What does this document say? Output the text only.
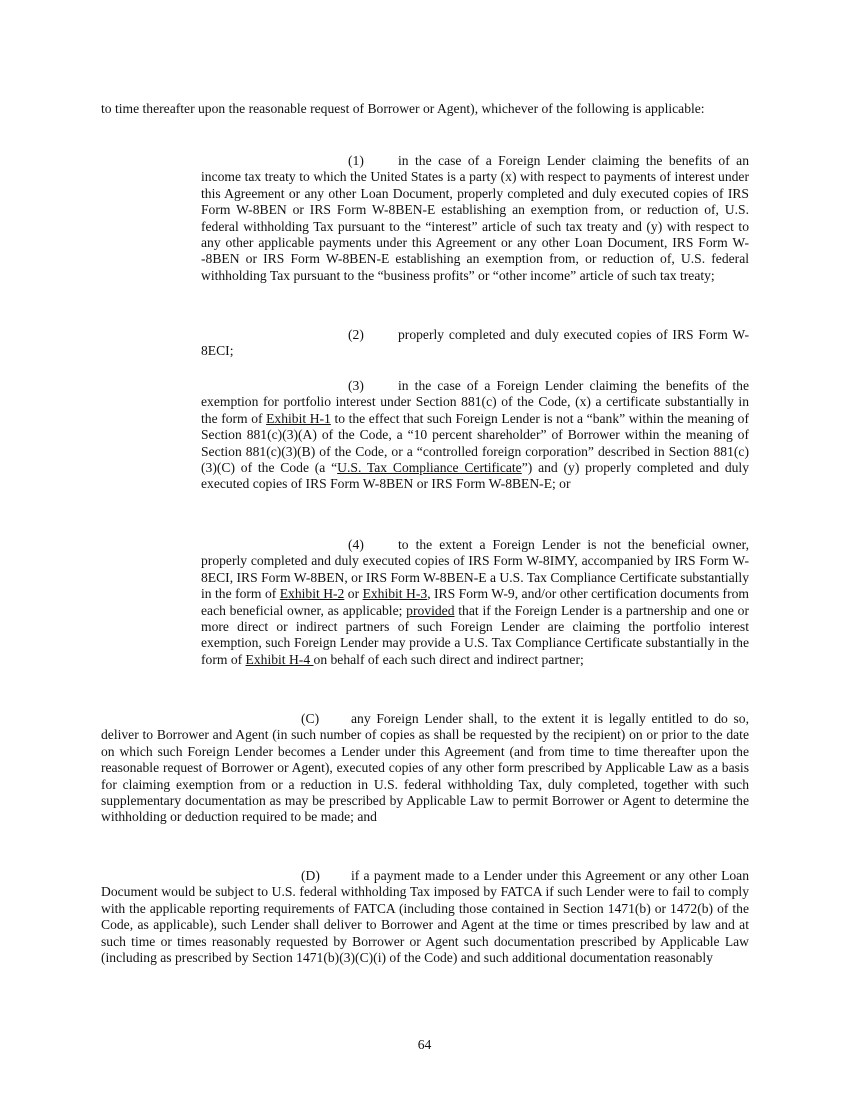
to time thereafter upon the reasonable request of Borrower or Agent), whichever of the following is applicable:

(1)	in the case of a Foreign Lender claiming the benefits of an income tax treaty to which the United States is a party (x) with respect to payments of interest under this Agreement or any other Loan Document, properly completed and duly executed copies of IRS Form W-8BEN or IRS Form W-8BEN-E establishing an exemption from, or reduction of, U.S. federal withholding Tax pursuant to the “interest” article of such tax treaty and (y) with respect to any other applicable payments under this Agreement or any other Loan Document, IRS Form W--8BEN or IRS Form W-8BEN-E establishing an exemption from, or reduction of, U.S. federal withholding Tax pursuant to the “business profits” or “other income” article of such tax treaty;

(2)	properly completed and duly executed copies of IRS Form W-8ECI;

(3)	in the case of a Foreign Lender claiming the benefits of the exemption for portfolio interest under Section 881(c) of the Code, (x) a certificate substantially in the form of Exhibit H-1 to the effect that such Foreign Lender is not a “bank” within the meaning of Section 881(c)(3)(A) of the Code, a “10 percent shareholder” of Borrower within the meaning of Section 881(c)(3)(B) of the Code, or a “controlled foreign corporation” described in Section 881(c)(3)(C) of the Code (a “U.S. Tax Compliance Certificate”) and (y) properly completed and duly executed copies of IRS Form W-8BEN or IRS Form W-8BEN-E; or

(4)	to the extent a Foreign Lender is not the beneficial owner, properly completed and duly executed copies of IRS Form W-8IMY, accompanied by IRS Form W-8ECI, IRS Form W-8BEN, or IRS Form W-8BEN-E a U.S. Tax Compliance Certificate substantially in the form of Exhibit H-2 or Exhibit H-3, IRS Form W-9, and/or other certification documents from each beneficial owner, as applicable; provided that if the Foreign Lender is a partnership and one or more direct or indirect partners of such Foreign Lender are claiming the portfolio interest exemption, such Foreign Lender may provide a U.S. Tax Compliance Certificate substantially in the form of Exhibit H-4 on behalf of each such direct and indirect partner;

(C) any Foreign Lender shall, to the extent it is legally entitled to do so, deliver to Borrower and Agent (in such number of copies as shall be requested by the recipient) on or prior to the date on which such Foreign Lender becomes a Lender under this Agreement (and from time to time thereafter upon the reasonable request of Borrower or Agent), executed copies of any other form prescribed by Applicable Law as a basis for claiming exemption from or a reduction in U.S. federal withholding Tax, duly completed, together with such supplementary documentation as may be prescribed by Applicable Law to permit Borrower or Agent to determine the withholding or deduction required to be made; and

(D) if a payment made to a Lender under this Agreement or any other Loan Document would be subject to U.S. federal withholding Tax imposed by FATCA if such Lender were to fail to comply with the applicable reporting requirements of FATCA (including those contained in Section 1471(b) or 1472(b) of the Code, as applicable), such Lender shall deliver to Borrower and Agent at the time or times prescribed by law and at such time or times reasonably requested by Borrower or Agent such documentation prescribed by Applicable Law (including as prescribed by Section 1471(b)(3)(C)(i) of the Code) and such additional documentation reasonably

64
